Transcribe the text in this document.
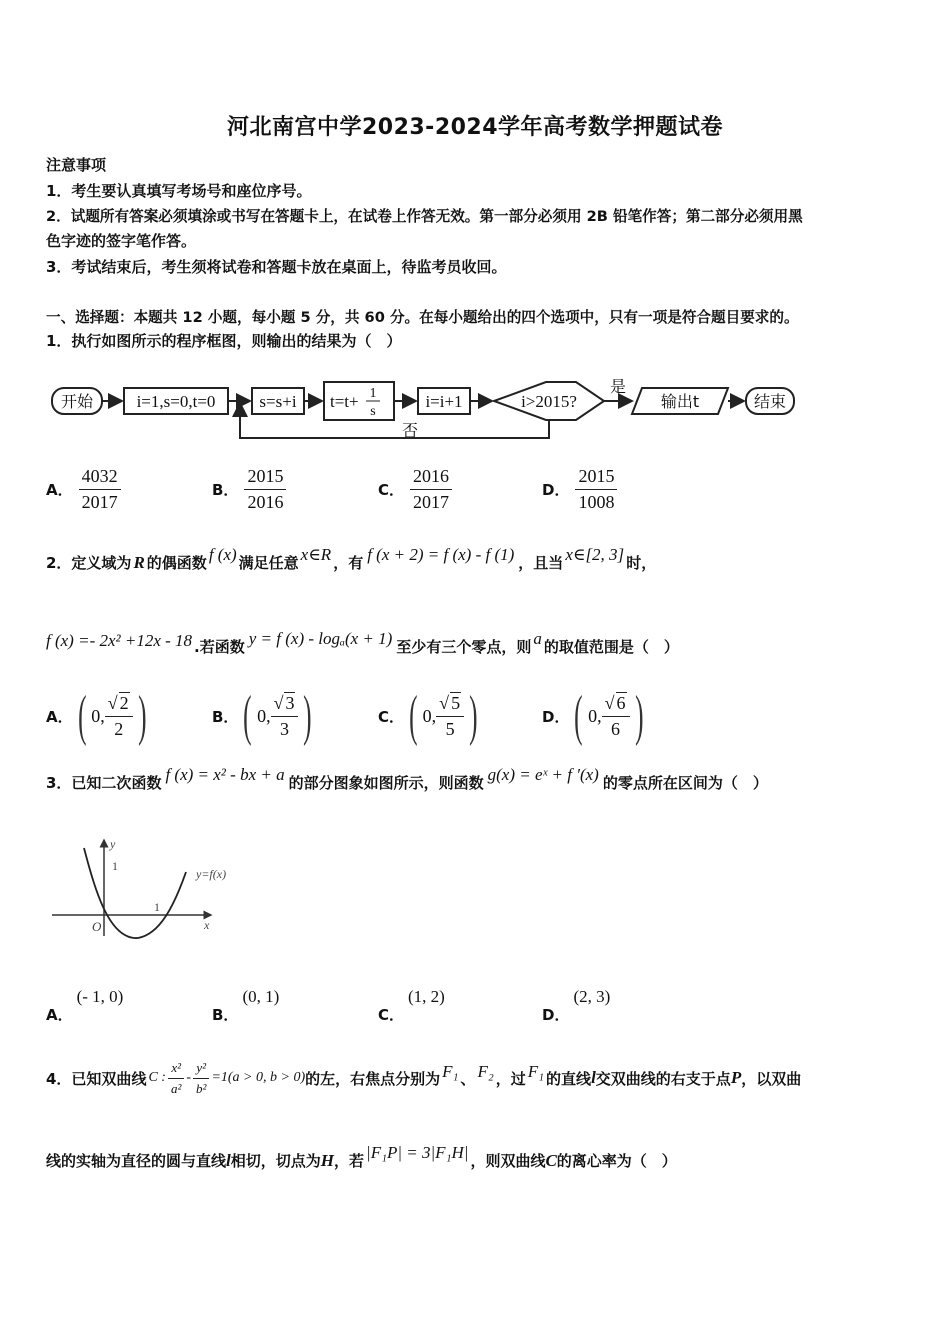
河北南宫中学2023-2024学年高考数学押题试卷
注意事项
1．考生要认真填写考场号和座位序号。
2．试题所有答案必须填涂或书写在答题卡上，在试卷上作答无效。第一部分必须用 2B 铅笔作答；第二部分必须用黑
色字迹的签字笔作答。
3．考试结束后，考生须将试卷和答题卡放在桌面上，待监考员收回。
一、选择题：本题共 12 小题，每小题 5 分，共 60 分。在每小题给出的四个选项中，只有一项是符合题目要求的。
1．执行如图所示的程序框图，则输出的结果为（　）
开始	i=1,s=0,t=0	s=s+i t=t+ 1
s
i=i+1	i>2015?
是
输出t	结束
否
A． $\frac{4032}{2017}$	B． $\frac{2015}{2016}$	C． $\frac{2016}{2017}$	D． $\frac{2015}{1008}$
2．定义域为 R 的偶函数 f (x) 满足任意 x∈R ，有 f (x + 2) = f (x) - f (1) ，且当 x∈[2, 3] 时，
f (x) =- 2x² +12x - 18 .若函数 y = f (x) - logₐ(x + 1) 至少有三个零点，则 a 的取值范围是（　）
A． ( 0, $\frac{√ 2}{2}$ )	B． ( 0, $\frac{√ 3}{3}$ )	C． ( 0, $\frac{√ 5}{5}$ )	D． ( 0, $\frac{√ 6}{6}$ )
3．已知二次函数 f (x) = x² - bx + a 的部分图象如图所示，则函数 g(x) = eˣ + f ′(x) 的零点所在区间为（　）
y
1
1
O	x
y=f(x)
A．(- 1, 0)
B．(0, 1)
C．(1, 2)
D．(2, 3)
4．已知双曲线 C : $\frac{\text{x²}}{\text{a²}} - \frac{\text{y²}}{\text{b²}} =1(a > 0$, b > 0) 的左，右焦点分别为 F₁ 、 F₂ ，过 F₁ 的直线 l 交双曲线的右支于点 P ，以双曲
线的实轴为直径的圆与直线 l 相切，切点为 H ，若 |F₁P| = 3|F₁H| ，则双曲线 C 的离心率为（　）
